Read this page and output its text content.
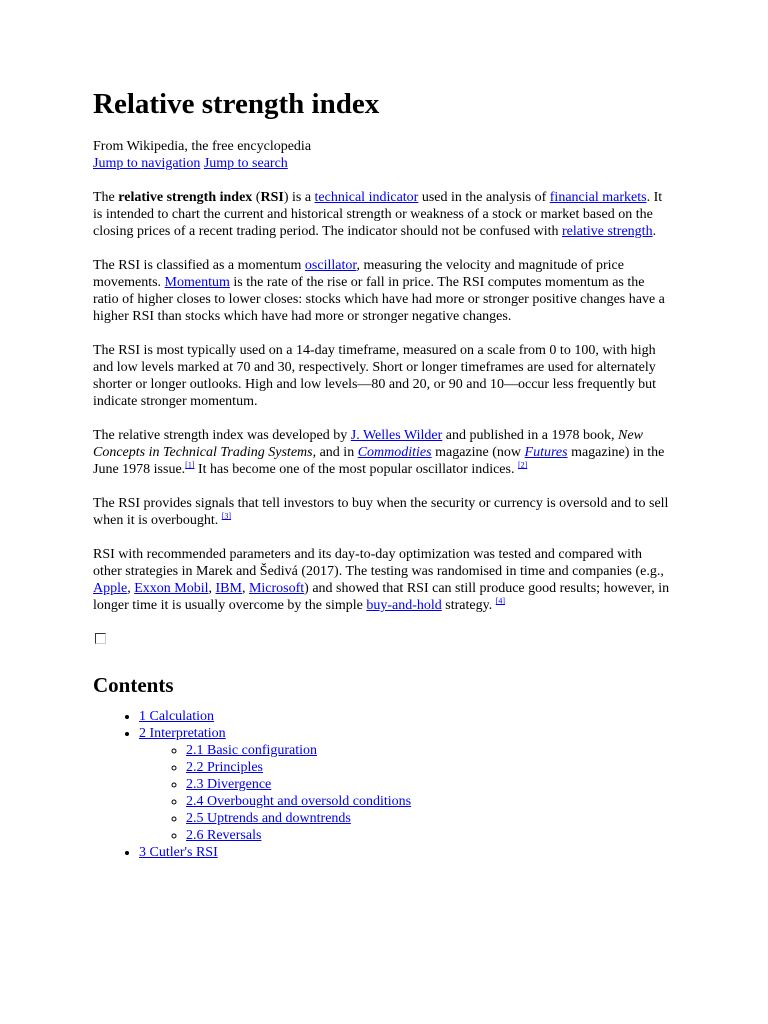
Relative strength index
From Wikipedia, the free encyclopedia
Jump to navigation Jump to search

The relative strength index (RSI) is a technical indicator used in the analysis of financial markets. It is intended to chart the current and historical strength or weakness of a stock or market based on the closing prices of a recent trading period. The indicator should not be confused with relative strength.

The RSI is classified as a momentum oscillator, measuring the velocity and magnitude of price movements. Momentum is the rate of the rise or fall in price. The RSI computes momentum as the ratio of higher closes to lower closes: stocks which have had more or stronger positive changes have a higher RSI than stocks which have had more or stronger negative changes.

The RSI is most typically used on a 14-day timeframe, measured on a scale from 0 to 100, with high and low levels marked at 70 and 30, respectively. Short or longer timeframes are used for alternately shorter or longer outlooks. High and low levels—80 and 20, or 90 and 10—occur less frequently but indicate stronger momentum.

The relative strength index was developed by J. Welles Wilder and published in a 1978 book, New Concepts in Technical Trading Systems, and in Commodities magazine (now Futures magazine) in the June 1978 issue.[1] It has become one of the most popular oscillator indices. [2]

The RSI provides signals that tell investors to buy when the security or currency is oversold and to sell when it is overbought. [3]

RSI with recommended parameters and its day-to-day optimization was tested and compared with other strategies in Marek and Šedivá (2017). The testing was randomised in time and companies (e.g., Apple, Exxon Mobil, IBM, Microsoft) and showed that RSI can still produce good results; however, in longer time it is usually overcome by the simple buy-and-hold strategy. [4]

Contents
• 1 Calculation
• 2 Interpretation
◦ 2.1 Basic configuration
◦ 2.2 Principles
◦ 2.3 Divergence
◦ 2.4 Overbought and oversold conditions
◦ 2.5 Uptrends and downtrends
◦ 2.6 Reversals
• 3 Cutler's RSI
